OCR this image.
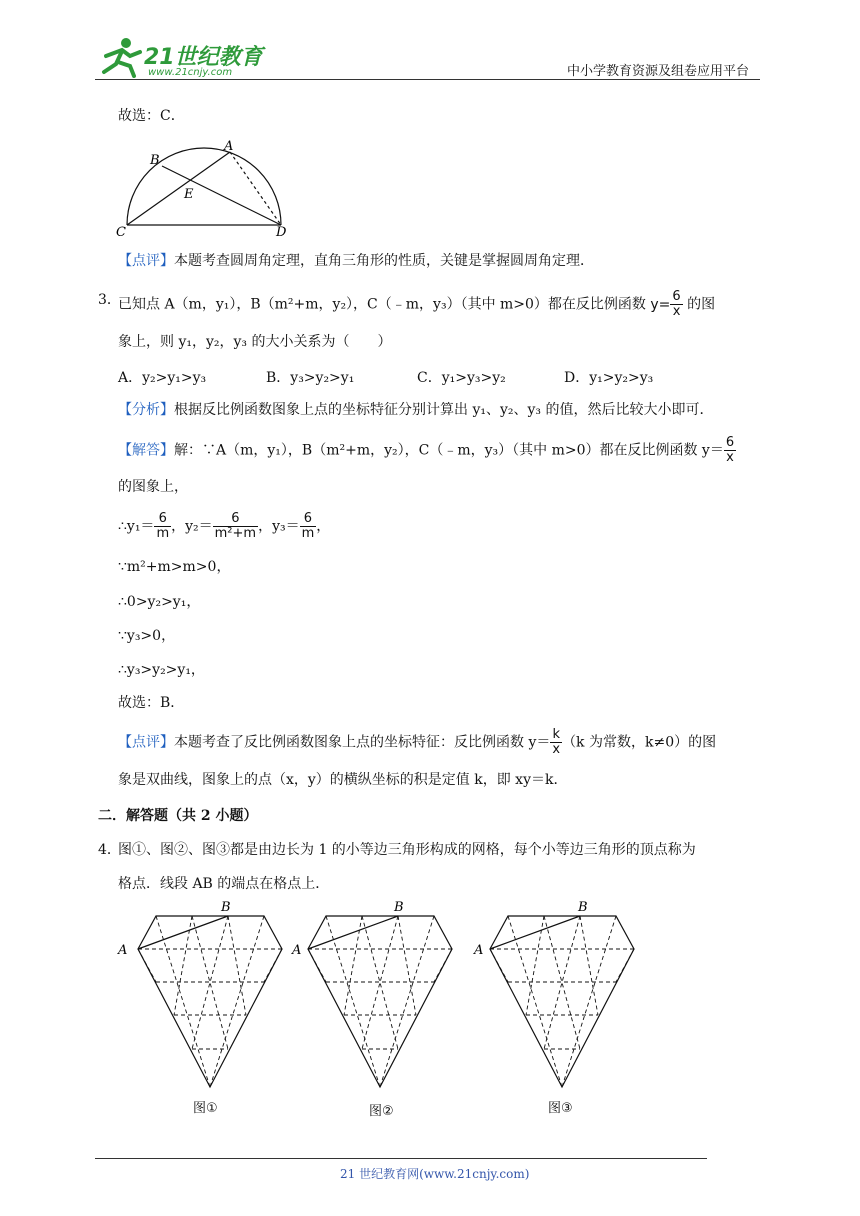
21世纪教育
www.21cnjy.com	中小学教育资源及组卷应用平台
故选：C．
A
B
C	D
E
【点评】本题考查圆周角定理，直角三角形的性质，关键是掌握圆周角定理．
3．
已知点 A（m，y₁），B（m²+m，y₂），C（﹣m，y₃）（其中 m>0）都在反比例函数 $y= \frac{6}{x}$ 的图
象上，则 y₁，y₂，y₃ 的大小关系为（　　）
A．y₂>y₁>y₃	B．y₃>y₂>y₁	C．y₁>y₃>y₂	D．y₁>y₂>y₃
【分析】根据反比例函数图象上点的坐标特征分别计算出 y₁、y₂、y₃ 的值，然后比较大小即可．
【解答】解：∵A（m，y₁），B（m²+m，y₂），C（﹣m，y₃）（其中 m>0）都在反比例函数 $y= \frac{6}{x}$
的图象上，
∴y₁＝ $\frac{6}{m}$ ，$y_2= \frac{6}{\text{m²+m}}$ ，$y_3= \frac{6}{m}$ ，
∵m²+m>m>0，
∴0>y₂>y₁，
∵y₃>0，
∴y₃>y₂>y₁，
故选：B．
【点评】本题考查了反比例函数图象上点的坐标特征：反比例函数 $y= \frac{k}{x} (k$ 为常数，k≠0）的图
象是双曲线，图象上的点（x，y）的横纵坐标的积是定值 k，即 xy＝k．
二．解答题（共 2 小题）
4．
图①、图②、图③都是由边长为 1 的小等边三角形构成的网格，每个小等边三角形的顶点称为
格点．线段 AB 的端点在格点上．
A
B
A
B
A
B
图①	图②	图③
21 世纪教育网(www.21cnjy.com)
